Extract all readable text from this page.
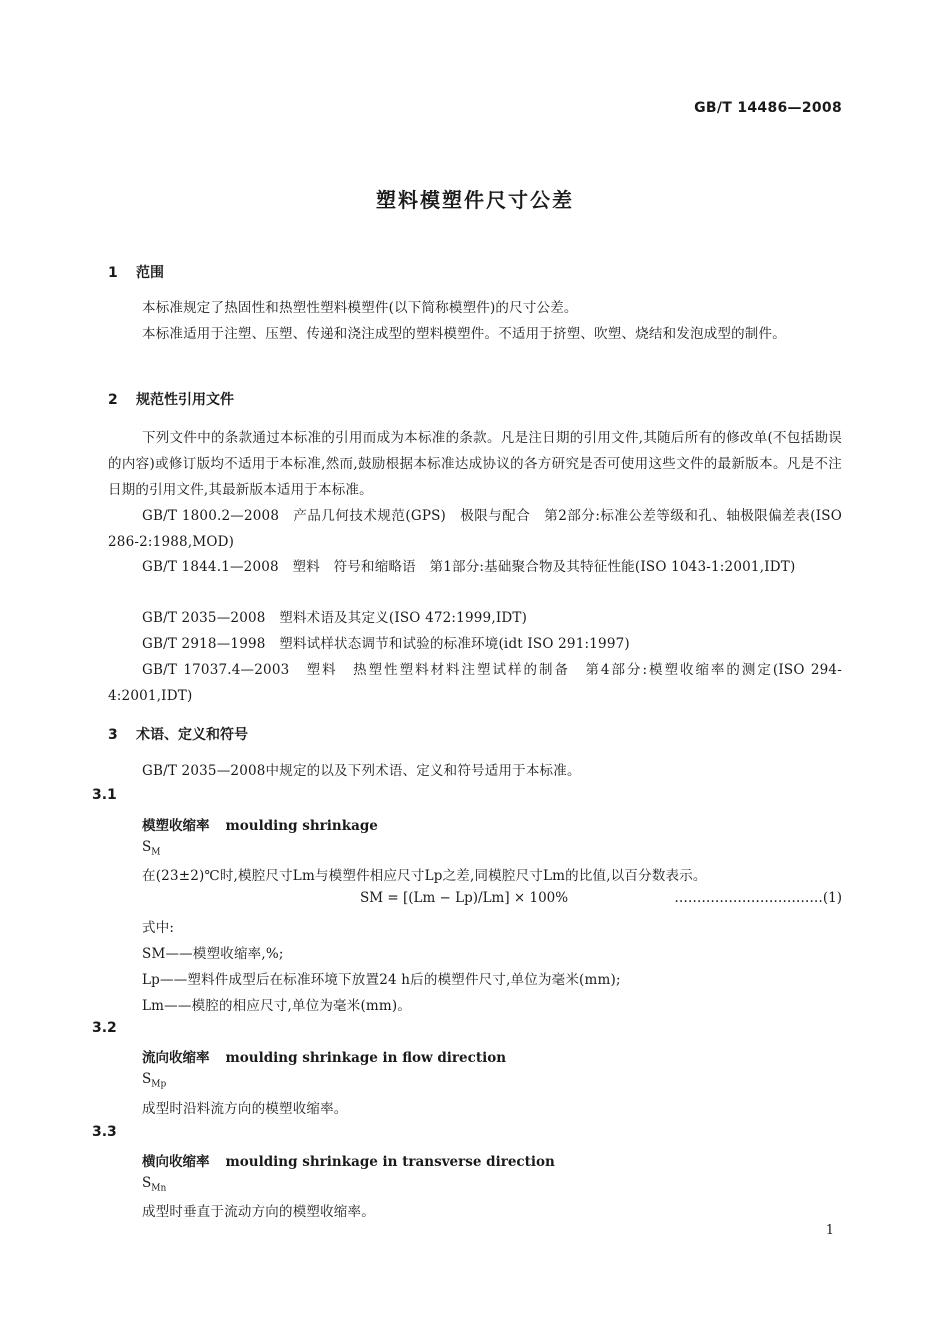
GB/T 14486—2008
塑料模塑件尺寸公差
1 范围
本标准规定了热固性和热塑性塑料模塑件(以下简称模塑件)的尺寸公差。
本标准适用于注塑、压塑、传递和浇注成型的塑料模塑件。不适用于挤塑、吹塑、烧结和发泡成型的制件。
2 规范性引用文件
下列文件中的条款通过本标准的引用而成为本标准的条款。凡是注日期的引用文件,其随后所有的修改单(不包括勘误的内容)或修订版均不适用于本标准,然而,鼓励根据本标准达成协议的各方研究是否可使用这些文件的最新版本。凡是不注日期的引用文件,其最新版本适用于本标准。
GB/T 1800.2—2008　产品几何技术规范(GPS)　极限与配合　第2部分:标准公差等级和孔、轴极限偏差表(ISO 286-2:1988,MOD)
GB/T 1844.1—2008　塑料　符号和缩略语　第1部分:基础聚合物及其特征性能(ISO 1043-1:2001,IDT)
GB/T 2035—2008　塑料术语及其定义(ISO 472:1999,IDT)
GB/T 2918—1998　塑料试样状态调节和试验的标准环境(idt ISO 291:1997)
GB/T 17037.4—2003　塑料　热塑性塑料材料注塑试样的制备　第4部分:模塑收缩率的测定(ISO 294-4:2001,IDT)
3 术语、定义和符号
GB/T 2035—2008中规定的以及下列术语、定义和符号适用于本标准。
3.1
模塑收缩率 moulding shrinkage
$S_M$
在(23±2)℃时,模腔尺寸Lm与模塑件相应尺寸Lp之差,同模腔尺寸Lm的比值,以百分数表示。
SM = [(Lm − Lp)/Lm] × 100%	……………………………(1)
式中:
SM——模塑收缩率,%;
Lp——塑料件成型后在标准环境下放置24 h后的模塑件尺寸,单位为毫米(mm);
Lm——模腔的相应尺寸,单位为毫米(mm)。
3.2
流向收缩率 moulding shrinkage in flow direction
$S_{Mp}$
成型时沿料流方向的模塑收缩率。
3.3
横向收缩率 moulding shrinkage in transverse direction
$S_{Mn}$
成型时垂直于流动方向的模塑收缩率。
1
